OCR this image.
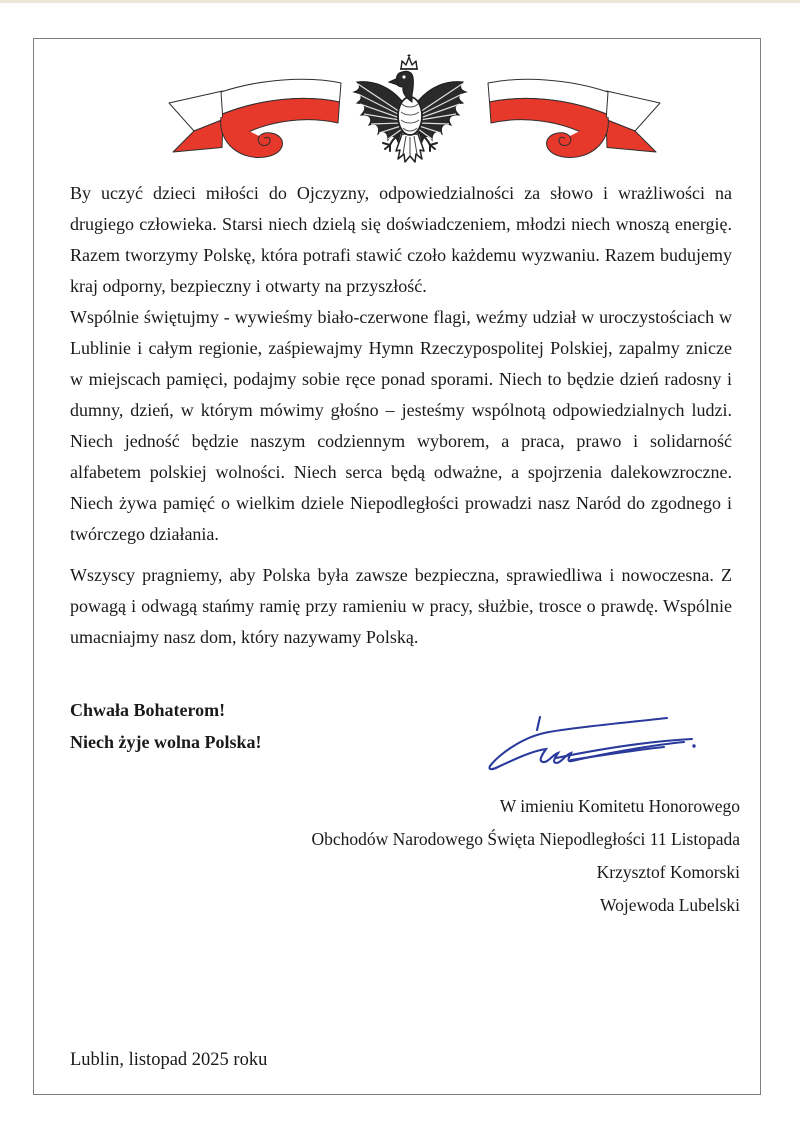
By uczyć dzieci miłości do Ojczyzny, odpowiedzialności za słowo i wrażliwości na drugiego człowieka. Starsi niech dzielą się doświadczeniem, młodzi niech wnoszą energię. Razem tworzymy Polskę, która potrafi stawić czoło każdemu wyzwaniu. Razem budujemy kraj odporny, bezpieczny i otwarty na przyszłość.

Wspólnie świętujmy - wywieśmy biało-czerwone flagi, weźmy udział w uroczystościach w Lublinie i całym regionie, zaśpiewajmy Hymn Rzeczypospolitej Polskiej, zapalmy znicze w miejscach pamięci, podajmy sobie ręce ponad sporami. Niech to będzie dzień radosny i dumny, dzień, w którym mówimy głośno – jesteśmy wspólnotą odpowiedzialnych ludzi. Niech jedność będzie naszym codziennym wyborem, a praca, prawo i solidarność alfabetem polskiej wolności. Niech serca będą odważne, a spojrzenia dalekowzroczne. Niech żywa pamięć o wielkim dziele Niepodległości prowadzi nasz Naród do zgodnego i twórczego działania.

Wszyscy pragniemy, aby Polska była zawsze bezpieczna, sprawiedliwa i nowoczesna. Z powagą i odwagą stańmy ramię przy ramieniu w pracy, służbie, trosce o prawdę. Wspólnie umacniajmy nasz dom, który nazywamy Polską.

Chwała Bohaterom!

Niech żyje wolna Polska!

W imieniu Komitetu Honorowego
Obchodów Narodowego Święta Niepodległości 11 Listopada
Krzysztof Komorski
Wojewoda Lubelski
Lublin, listopad 2025 roku
